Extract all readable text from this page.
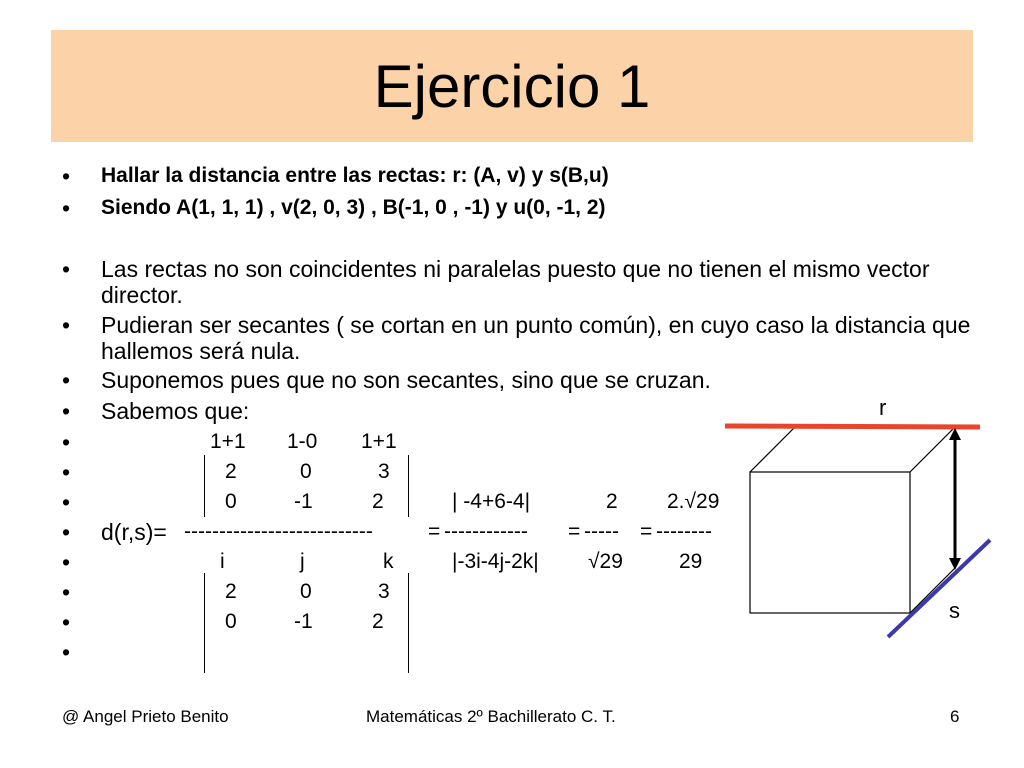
Ejercicio 1
• Hallar la distancia entre las rectas: r: (A, v) y s(B,u)
• Siendo A(1, 1, 1) , v(2, 0, 3) , B(-1, 0 , -1) y u(0, -1, 2)
• Las rectas no son coincidentes ni paralelas puesto que no tienen el mismo vector director.
• Pudieran ser secantes ( se cortan en un punto común), en cuyo caso la distancia que hallemos será nula.
• Suponemos pues que no son secantes, sino que se cruzan.
• Sabemos que:
•
•
•
•
•
•
•
•
1+1 1-0 1+1
2	0	3
0	-1	2	| -4+6-4|	2 2.√29
d(r,s)= ---------------------------	= ------------ = ----- = --------
i	j	k	|-3i-4j-2k| √29	29
2	0	3
0	-1	2
r
s
@ Angel Prieto Benito	Matemáticas 2º Bachillerato C. T.	6
